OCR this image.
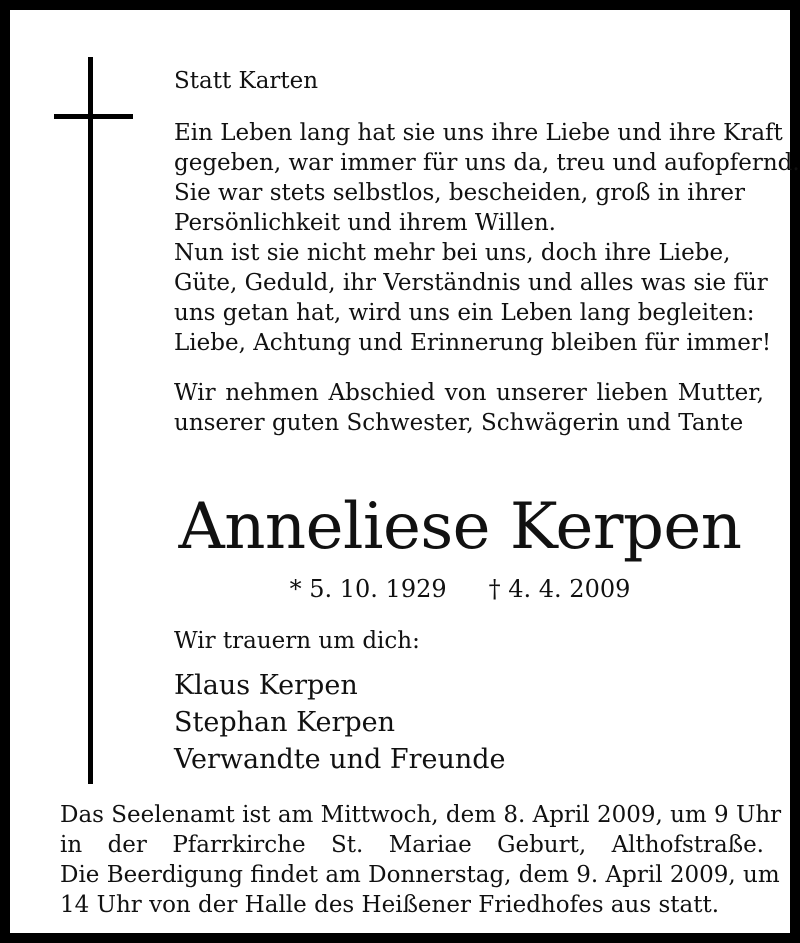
Statt Karten
Ein Leben lang hat sie uns ihre Liebe und ihre Kraft
gegeben, war immer für uns da, treu und aufopfernd.
Sie war stets selbstlos, bescheiden, groß in ihrer
Persönlichkeit und ihrem Willen.
Nun ist sie nicht mehr bei uns, doch ihre Liebe,
Güte, Geduld, ihr Verständnis und alles was sie für
uns getan hat, wird uns ein Leben lang begleiten:
Liebe, Achtung und Erinnerung bleiben für immer!
Wir nehmen Abschied von unserer lieben Mutter, unserer guten Schwester, Schwägerin und Tante
Anneliese Kerpen
* 5. 10. 1929 † 4. 4. 2009
Wir trauern um dich:
Klaus Kerpen
Stephan Kerpen
Verwandte und Freunde
Das Seelenamt ist am Mittwoch, dem 8. April 2009, um 9 Uhr
in der Pfarrkirche St. Mariae Geburt, Althofstraße.
Die Beerdigung findet am Donnerstag, dem 9. April 2009, um
14 Uhr von der Halle des Heißener Friedhofes aus statt.
